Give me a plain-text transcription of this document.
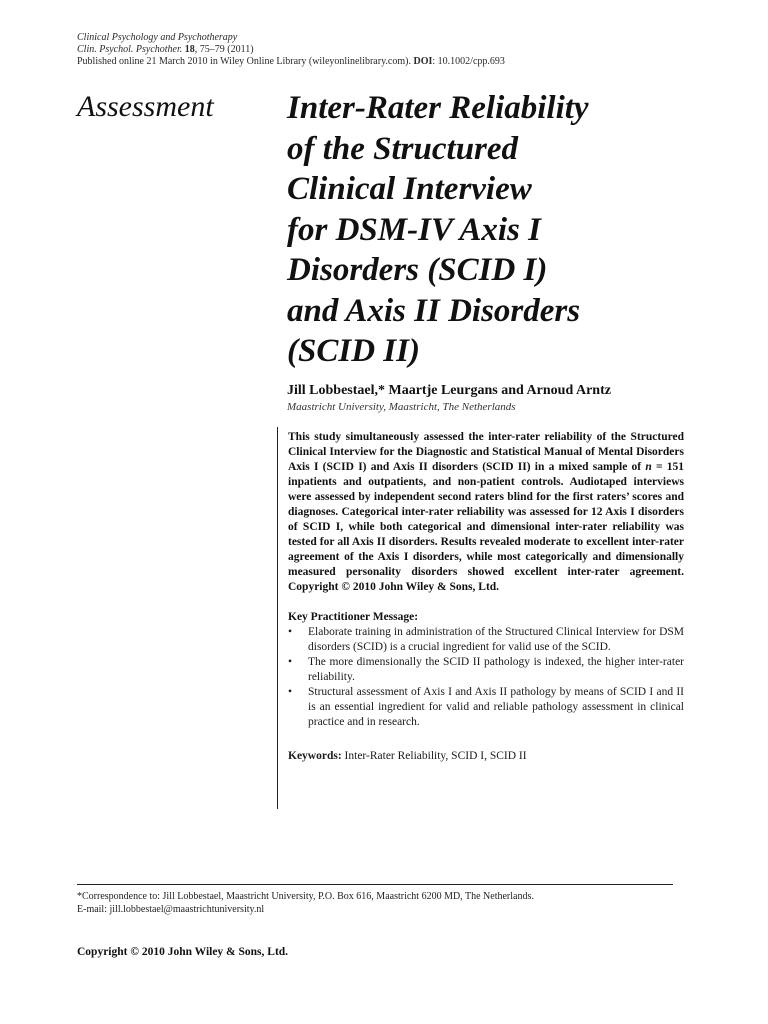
Clinical Psychology and Psychotherapy
Clin. Psychol. Psychother. 18, 75–79 (2011)
Published online 21 March 2010 in Wiley Online Library (wileyonlinelibrary.com). DOI: 10.1002/cpp.693
Assessment Inter-Rater Reliability
of the Structured
Clinical Interview
for DSM-IV Axis I
Disorders (SCID I)
and Axis II Disorders
(SCID II)
Jill Lobbestael,* Maartje Leurgans and Arnoud Arntz
Maastricht University, Maastricht, The Netherlands

This study simultaneously assessed the inter-rater reliability of the Structured Clinical Interview for the Diagnostic and Statistical Manual of Mental Disorders Axis I (SCID I) and Axis II disorders (SCID II) in a mixed sample of n = 151 inpatients and outpatients, and non-patient controls. Audiotaped interviews were assessed by independent second raters blind for the first raters’ scores and diagnoses. Categorical inter-rater reliability was assessed for 12 Axis I disorders of SCID I, while both categorical and dimensional inter-rater reliability was tested for all Axis II disorders. Results revealed moderate to excellent inter-rater agreement of the Axis I disorders, while most categorically and dimensionally measured personality disorders showed excellent inter-rater agreement. Copyright © 2010 John Wiley & Sons, Ltd.

Key Practitioner Message:
• Elaborate training in administration of the Structured Clinical Interview for DSM disorders (SCID) is a crucial ingredient for valid use of the SCID.
• The more dimensionally the SCID II pathology is indexed, the higher inter-rater reliability.
• Structural assessment of Axis I and Axis II pathology by means of SCID I and II is an essential ingredient for valid and reliable pathology assessment in clinical practice and in research.
Keywords: Inter-Rater Reliability, SCID I, SCID II
*Correspondence to: Jill Lobbestael, Maastricht University, P.O. Box 616, Maastricht 6200 MD, The Netherlands.
E-mail: jill.lobbestael@maastrichtuniversity.nl
Copyright © 2010 John Wiley & Sons, Ltd.
